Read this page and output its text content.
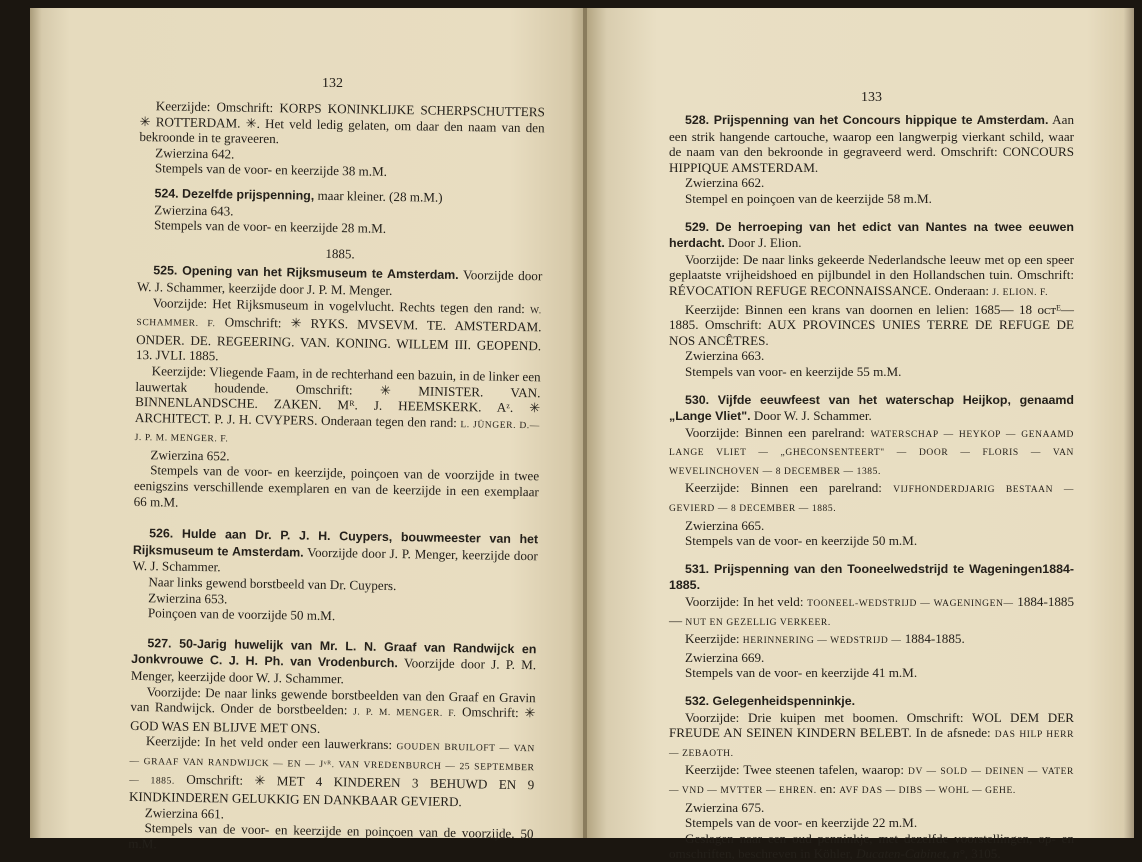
132

Keerzijde: Omschrift: KORPS KONINKLIJKE SCHERPSCHUTTERS ✳ ROTTERDAM. ✳. Het veld ledig gelaten, om daar den naam van den bekroonde in te graveeren.

Zwierzina 642.

Stempels van de voor- en keerzijde 38 m.M.

524. Dezelfde prijspenning, maar kleiner. (28 m.M.)

Zwierzina 643.

Stempels van de voor- en keerzijde 28 m.M.

1885.

525. Opening van het Rijksmuseum te Amsterdam. Voorzijde door W. J. Schammer, keerzijde door J. P. M. Menger.

Voorzijde: Het Rijksmuseum in vogelvlucht. Rechts tegen den rand: W. SCHAMMER. F. Omschrift: ✳ RYKS. MVSEVM. TE. AMSTERDAM. ONDER. DE. REGEERING. VAN. KONING. WILLEM III. GEOPEND. 13. JVLI. 1885.

Keerzijde: Vliegende Faam, in de rechterhand een bazuin, in de linker een lauwertak houdende. Omschrift: ✳ MINISTER. VAN. BINNENLANDSCHE. ZAKEN. Mᴿ. J. HEEMSKERK. Aᶻ. ✳ ARCHITECT. P. J. H. CVYPERS. Onderaan tegen den rand: L. JÜNGER. D.—J. P. M. MENGER. F.

Zwierzina 652.

Stempels van de voor- en keerzijde, poinçoen van de voorzijde in twee eenigszins verschillende exemplaren en van de keerzijde in een exemplaar 66 m.M.

526. Hulde aan Dr. P. J. H. Cuypers, bouwmeester van het Rijksmuseum te Amsterdam. Voorzijde door J. P. Menger, keerzijde door W. J. Schammer.

Naar links gewend borstbeeld van Dr. Cuypers.

Zwierzina 653.

Poinçoen van de voorzijde 50 m.M.

527. 50-Jarig huwelijk van Mr. L. N. Graaf van Randwijck en Jonkvrouwe C. J. H. Ph. van Vrodenburch. Voorzijde door J. P. M. Menger, keerzijde door W. J. Schammer.

Voorzijde: De naar links gewende borstbeelden van den Graaf en Gravin van Randwijck. Onder de borstbeelden: J. P. M. MENGER. F. Omschrift: ✳ GOD WAS EN BLIJVE MET ONS.

Keerzijde: In het veld onder een lauwerkrans: GOUDEN BRUILOFT — VAN — GRAAF VAN RANDWIJCK — EN — Jᵛᴿ. VAN VREDENBURCH — 25 SEPTEMBER — 1885. Omschrift: ✳ MET 4 KINDEREN 3 BEHUWD EN 9 KINDKINDEREN GELUKKIG EN DANKBAAR GEVIERD.

Zwierzina 661.

Stempels van de voor- en keerzijde en poinçoen van de voorzijde. 50 m.M.

133

528. Prijspenning van het Concours hippique te Amsterdam. Aan een strik hangende cartouche, waarop een langwerpig vierkant schild, waar de naam van den bekroonde in gegraveerd werd. Omschrift: CONCOURS HIPPIQUE AMSTERDAM.

Zwierzina 662.

Stempel en poinçoen van de keerzijde 58 m.M.

529. De herroeping van het edict van Nantes na twee eeuwen herdacht. Door J. Elion.

Voorzijde: De naar links gekeerde Nederlandsche leeuw met op een speer geplaatste vrijheidshoed en pijlbundel in den Hollandschen tuin. Omschrift: RÉVOCATION REFUGE RECONNAISSANCE. Onderaan: J. ELION. F.

Keerzijde: Binnen een krans van doornen en lelien: 1685— 18 ᴏᴄᴛᴱ— 1885. Omschrift: AUX PROVINCES UNIES TERRE DE REFUGE DE NOS ANCÊTRES.

Zwierzina 663.

Stempels van voor- en keerzijde 55 m.M.

530. Vijfde eeuwfeest van het waterschap Heijkop, genaamd „Lange Vliet". Door W. J. Schammer.

Voorzijde: Binnen een parelrand: WATERSCHAP — HEYKOP — GENAAMD LANGE VLIET — „GHECONSENTEERT" — DOOR — FLORIS — VAN WEVELINCHOVEN — 8 DECEMBER — 1385.

Keerzijde: Binnen een parelrand: VIJFHONDERDJARIG BESTAAN — GEVIERD — 8 DECEMBER — 1885.

Zwierzina 665.

Stempels van de voor- en keerzijde 50 m.M.

531. Prijspenning van den Tooneelwedstrijd te Wageningen1884-1885.

Voorzijde: In het veld: TOONEEL-WEDSTRIJD — WAGENINGEN— 1884-1885 — NUT EN GEZELLIG VERKEER.

Keerzijde: HERINNERING — WEDSTRIJD — 1884-1885.

Zwierzina 669.

Stempels van de voor- en keerzijde 41 m.M.

532. Gelegenheidspenninkje.

Voorzijde: Drie kuipen met boomen. Omschrift: WOL DEM DER FREUDE AN SEINEN KINDERN BELEBT. In de afsnede: DAS HILP HERR — ZEBAOTH.

Keerzijde: Twee steenen tafelen, waarop: DV — SOLD — DEINEN — VATER — VND — MVTTER — EHREN. en: AVF DAS — DIBS — WOHL — GEHE.

Zwierzina 675.

Stempels van de voor- en keerzijde 22 m.M.

Geslagen naar een oud penninkje, met dezelfde voorstellingen, op- en omschriften, beschreven in Köhler, Ducaten-Cabinet, n°, 3105.
